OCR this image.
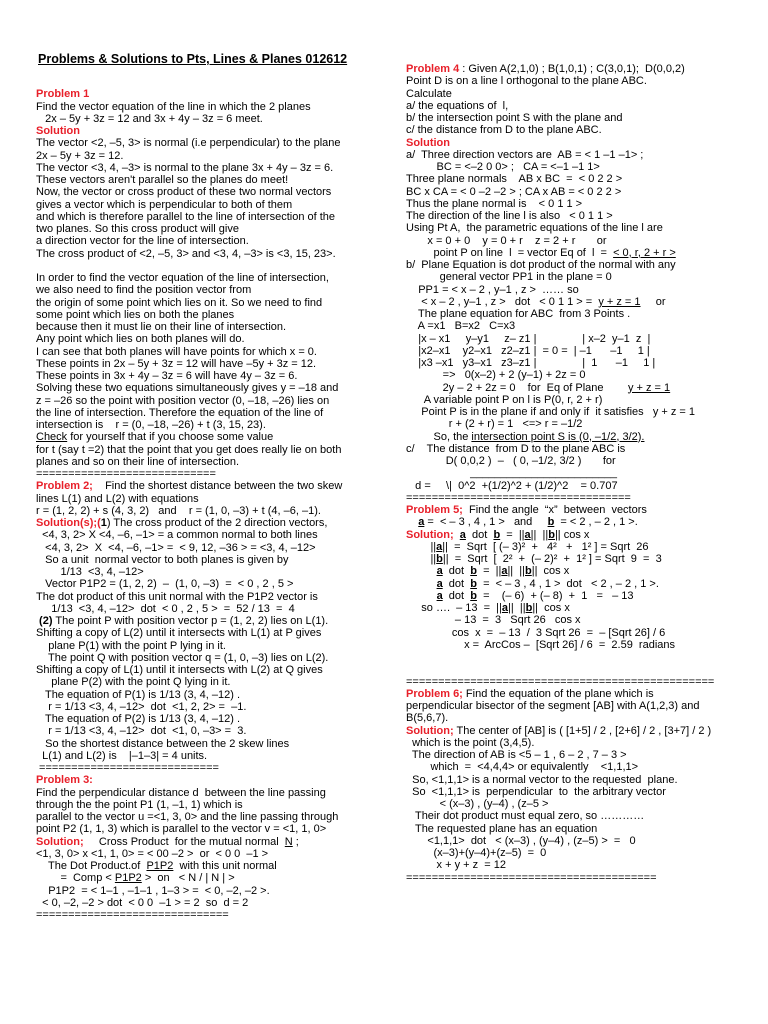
Problems & Solutions to Pts, Lines & Planes 012612

Problem 1
Find the vector equation of the line in which the 2 planes
2x – 5y + 3z = 12 and 3x + 4y – 3z = 6 meet.
Solution
The vector <2, –5, 3> is normal (i.e perpendicular) to the plane
2x – 5y + 3z = 12.
The vector <3, 4, –3> is normal to the plane 3x + 4y – 3z = 6.
These vectors aren't parallel so the planes do meet!
Now, the vector or cross product of these two normal vectors
gives a vector which is perpendicular to both of them
and which is therefore parallel to the line of intersection of the
two planes. So this cross product will give
a direction vector for the line of intersection.
The cross product of <2, –5, 3> and <3, 4, –3> is <3, 15, 23>.

In order to find the vector equation of the line of intersection,
we also need to find the position vector from
the origin of some point which lies on it. So we need to find
some point which lies on both the planes
because then it must lie on their line of intersection.
Any point which lies on both planes will do.
I can see that both planes will have points for which x = 0.
These points in 2x – 5y + 3z = 12 will have –5y + 3z = 12.
These points in 3x + 4y – 3z = 6 will have 4y – 3z = 6.
Solving these two equations simultaneously gives y = –18 and
z = –26 so the point with position vector (0, –18, –26) lies on
the line of intersection. Therefore the equation of the line of
intersection is    r = (0, –18, –26) + t (3, 15, 23).
Check for yourself that if you choose some value
for t (say t =2) that the point that you get does really lie on both
planes and so on their line of intersection.
============================
Problem 2;    Find the shortest distance between the two skew
lines L(1) and L(2) with equations
r = (1, 2, 2) + s (4, 3, 2)   and    r = (1, 0, –3) + t (4, –6, –1).
Solution(s);(1) The cross product of the 2 direction vectors,
<4, 3, 2> X <4, –6, –1> = a common normal to both lines
<4, 3, 2>  X  <4, –6, –1> =  < 9, 12, –36 > = <3, 4, –12>
So a unit  normal vector to both planes is given by
1/13  <3, 4, –12>
Vector P1P2 = (1, 2, 2)  –  (1, 0, –3)  =  < 0 , 2 , 5 >
The dot product of this unit normal with the P1P2 vector is
1/13  <3, 4, –12>  dot  < 0 , 2 , 5 >  =  52 / 13  =  4
(2) The point P with position vector p = (1, 2, 2) lies on L(1).
Shifting a copy of L(2) until it intersects with L(1) at P gives
plane P(1) with the point P lying in it.
The point Q with position vector q = (1, 0, –3) lies on L(2).
Shifting a copy of L(1) until it intersects with L(2) at Q gives
plane P(2) with the point Q lying in it.
The equation of P(1) is 1/13 (3, 4, –12) .
r = 1/13 <3, 4, –12>  dot  <1, 2, 2> =  –1.
The equation of P(2) is 1/13 (3, 4, –12) .
r = 1/13 <3, 4, –12>  dot  <1, 0, –3> =  3.
So the shortest distance between the 2 skew lines
L(1) and L(2) is    |–1–3| = 4 units.
============================
Problem 3:
Find the perpendicular distance d  between the line passing
through the the point P1 (1, –1, 1) which is
parallel to the vector u =<1, 3, 0> and the line passing through
point P2 (1, 1, 3) which is parallel to the vector v = <1, 1, 0>
Solution;     Cross Product  for the mutual normal  N ;
<1, 3, 0> x <1, 1, 0> = < 00 –2 >  or  < 0 0  –1 >
The Dot Product.of  P1P2  with this unit normal
=  Comp < P1P2 >  on   < N / | N | >
P1P2  = < 1–1 , –1–1 , 1–3 > =  < 0, –2, –2 >.
< 0, –2, –2 > dot  < 0 0  –1 > = 2  so  d = 2
==============================
Problem 4 : Given A(2,1,0) ; B(1,0,1) ; C(3,0,1);  D(0,0,2)
Point D is on a line l orthogonal to the plane ABC.
Calculate
a/ the equations of  l,
b/ the intersection point S with the plane and
c/ the distance from D to the plane ABC.
Solution
a/  Three direction vectors are  AB = < 1 –1 –1> ;
BC = <–2 0 0> ;   CA = <–1 –1 1>
Three plane normals    AB x BC  =  < 0 2 2 >
BC x CA = < 0 –2 –2 > ; CA x AB = < 0 2 2 >
Thus the plane normal is    < 0 1 1 >
The direction of the line l is also   < 0 1 1 >
Using Pt A,  the parametric equations of the line l are
x = 0 + 0    y = 0 + r    z = 2 + r       or
point P on line  l  = vector Eq of  l  =  < 0, r, 2 + r >
b/  Plane Equation is dot product of the normal with any
general vector PP1 in the plane = 0
PP1 = < x – 2 , y–1 , z >  …… so
< x – 2 , y–1 , z >   dot   < 0 1 1 > =  y + z = 1     or
The plane equation for ABC  from 3 Points .
A =x1   B=x2   C=x3
|x – x1     y–y1     z– z1 |               | x–2  y–1  z  |
|x2–x1    y2–x1   z2–z1 |  = 0 =  | –1      –1     1 |
|x3 –x1   y3–x1   z3–z1 |               |  1      –1     1 |
=>   0(x–2) + 2 (y–1) + 2z = 0
2y – 2 + 2z = 0    for  Eq of Plane        y + z = 1
A variable point P on l is P(0, r, 2 + r)
Point P is in the plane if and only if  it satisfies   y + z = 1
r + (2 + r) = 1   <=> r = –1/2
So, the intersection point S is (0, –1/2, 3/2).
c/    The distance  from D to the plane ABC is
D( 0,0,2 )  –   ( 0, –1/2, 3/2 )       for
________________________
d =     \|  0^2  +(1/2)^2 + (1/2)^2    = 0.707
===================================
Problem 5;  Find the angle  “x”  between  vectors
a =  < – 3 , 4 , 1 >   and     b  = < 2 , – 2 , 1 >.
Solution; a  dot  b  =  ||a||  ||b|| cos x
||a||  =  Sqrt  [ (– 3)²  +   4²   +   1² ] = Sqrt  26
||b||  =  Sqrt  [  2²  +  (– 2)²  +  1² ] = Sqrt  9  =  3
a  dot  b  =  ||a||  ||b||  cos x
a  dot  b  =  < – 3 , 4 , 1 >  dot   < 2 , – 2 , 1 >.
a  dot  b  =    (– 6)  + (– 8)  +  1   =   – 13
so ….  – 13  =  ||a||  ||b||  cos x
– 13  =  3   Sqrt 26   cos x
cos  x  =  – 13  /  3 Sqrt 26  =  – [Sqrt 26] / 6
x =  ArcCos –  [Sqrt 26] / 6  =  2.59  radians

================================================
Problem 6; Find the equation of the plane which is
perpendicular bisector of the segment [AB] with A(1,2,3) and
B(5,6,7).
Solution; The center of [AB] is ( [1+5] / 2 , [2+6] / 2 , [3+7] / 2 )
which is the point (3,4,5).
The direction of AB is <5 – 1 , 6 – 2 , 7 – 3 >
which  =  <4,4,4> or equivalently    <1,1,1>
So, <1,1,1> is a normal vector to the requested  plane.
So  <1,1,1> is  perpendicular  to  the arbitrary vector
< (x–3) , (y–4) , (z–5 >
Their dot product must equal zero, so …………
The requested plane has an equation
<1,1,1>  dot   < (x–3) , (y–4) , (z–5) >  =   0
(x–3)+(y–4)+(z–5)  =  0
x + y + z  = 12
=======================================
